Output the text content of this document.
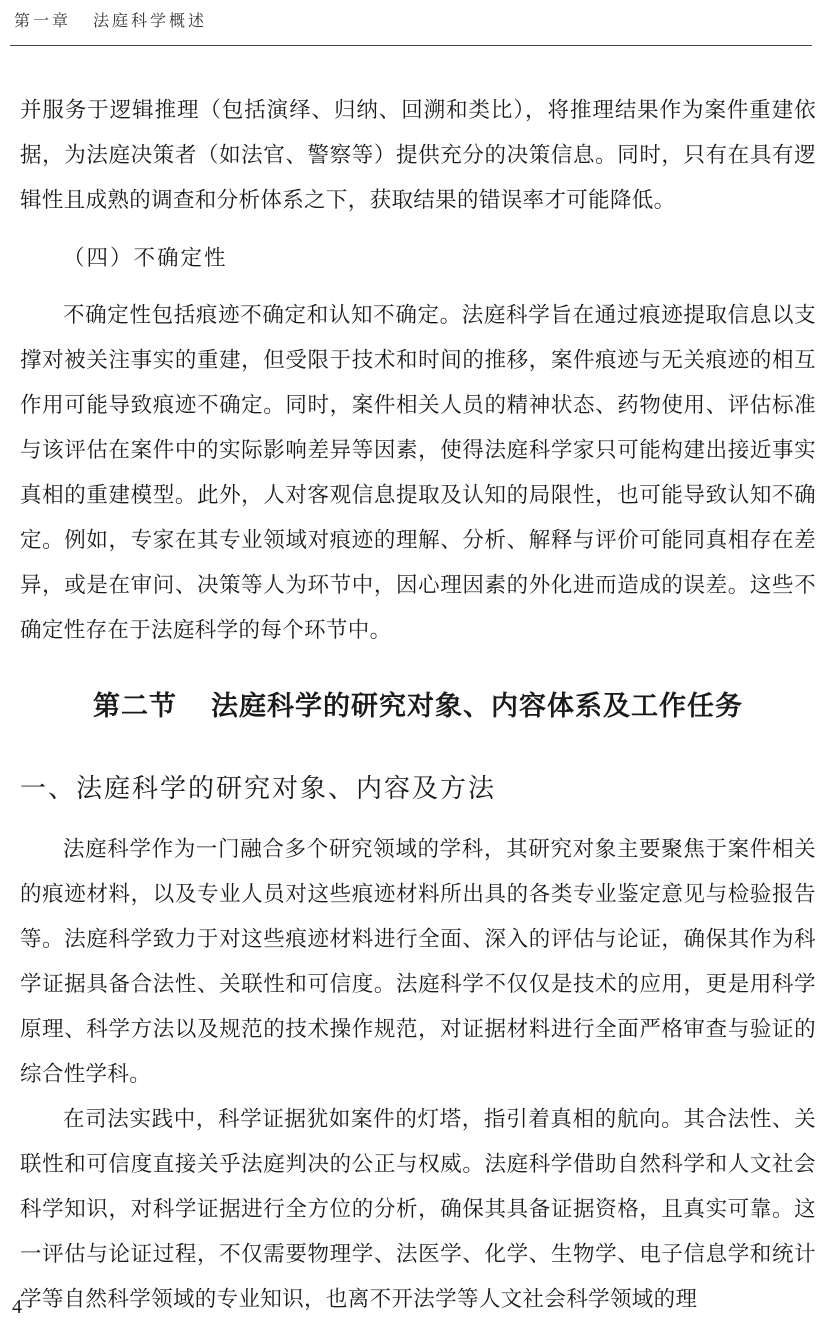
第一章 法庭科学概述

并服务于逻辑推理（包括演绎、归纳、回溯和类比），将推理结果作为案件重建依据，为法庭决策者（如法官、警察等）提供充分的决策信息。同时，只有在具有逻辑性且成熟的调查和分析体系之下，获取结果的错误率才可能降低。

（四）不确定性

不确定性包括痕迹不确定和认知不确定。法庭科学旨在通过痕迹提取信息以支撑对被关注事实的重建，但受限于技术和时间的推移，案件痕迹与无关痕迹的相互作用可能导致痕迹不确定。同时，案件相关人员的精神状态、药物使用、评估标准与该评估在案件中的实际影响差异等因素，使得法庭科学家只可能构建出接近事实真相的重建模型。此外，人对客观信息提取及认知的局限性，也可能导致认知不确定。例如，专家在其专业领域对痕迹的理解、分析、解释与评价可能同真相存在差异，或是在审问、决策等人为环节中，因心理因素的外化进而造成的误差。这些不确定性存在于法庭科学的每个环节中。

第二节 法庭科学的研究对象、内容体系及工作任务
一、法庭科学的研究对象、内容及方法

法庭科学作为一门融合多个研究领域的学科，其研究对象主要聚焦于案件相关的痕迹材料，以及专业人员对这些痕迹材料所出具的各类专业鉴定意见与检验报告等。法庭科学致力于对这些痕迹材料进行全面、深入的评估与论证，确保其作为科学证据具备合法性、关联性和可信度。法庭科学不仅仅是技术的应用，更是用科学原理、科学方法以及规范的技术操作规范，对证据材料进行全面严格审查与验证的综合性学科。

在司法实践中，科学证据犹如案件的灯塔，指引着真相的航向。其合法性、关联性和可信度直接关乎法庭判决的公正与权威。法庭科学借助自然科学和人文社会科学知识，对科学证据进行全方位的分析，确保其具备证据资格，且真实可靠。这一评估与论证过程，不仅需要物理学、法医学、化学、生物学、电子信息学和统计学等自然科学领域的专业知识，也离不开法学等人文社会科学领域的理

4
